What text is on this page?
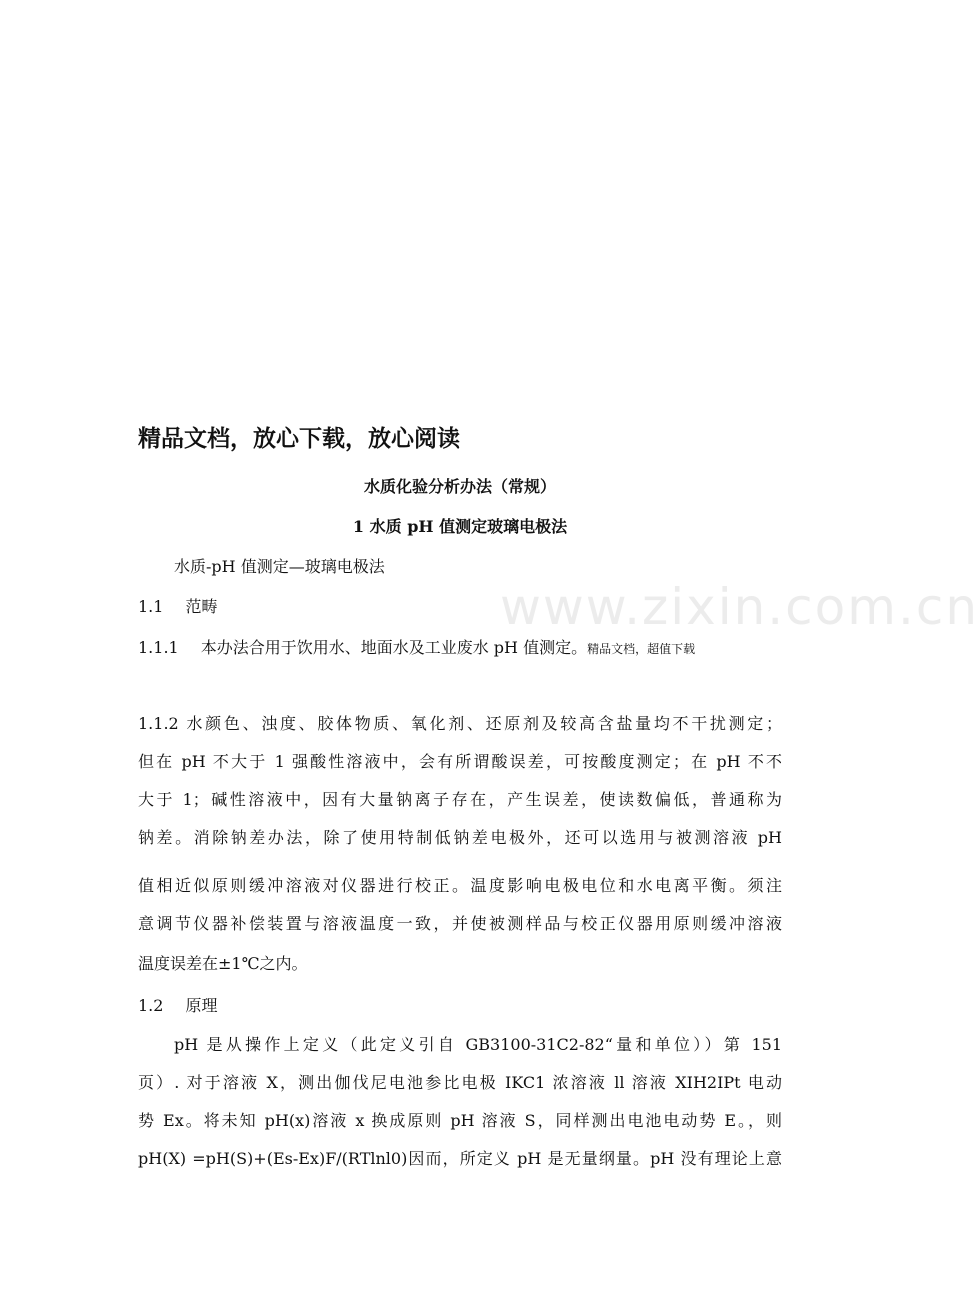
www.zixin.com.cn
精品文档，放心下载，放心阅读
水质化验分析办法（常规）
1 水质 pH 值测定玻璃电极法
水质-pH 值测定—玻璃电极法
1.1 范畴
1.1.1 本办法合用于饮用水、地面水及工业废水 pH 值测定。精品文档，超值下载
1.1.2 水颜色、浊度、胶体物质、氧化剂、还原剂及较高含盐量均不干扰测定；
但在 pH 不大于 1 强酸性溶液中，会有所谓酸误差，可按酸度测定；在 pH 不不
大于 1；碱性溶液中，因有大量钠离子存在，产生误差，使读数偏低，普通称为
钠差。消除钠差办法，除了使用特制低钠差电极外，还可以选用与被测溶液 pH
值相近似原则缓冲溶液对仪器进行校正。温度影响电极电位和水电离平衡。须注
意调节仪器补偿装置与溶液温度一致，并使被测样品与校正仪器用原则缓冲溶液
温度误差在±1℃之内。
1.2 原理
pH 是从操作上定义（此定义引自 GB3100-31C2-82“量和单位））第 151
页）. 对于溶液 X，测出伽伐尼电池参比电极 IKC1 浓溶液 ll 溶液 XIH2IPt 电动
势 Ex。将未知 pH(x)溶液 x 换成原则 pH 溶液 S，同样测出电池电动势 E。，则
pH(X) =pH(S)+(Es-Ex)F/(RTlnl0)因而，所定义 pH 是无量纲量。pH 没有理论上意
